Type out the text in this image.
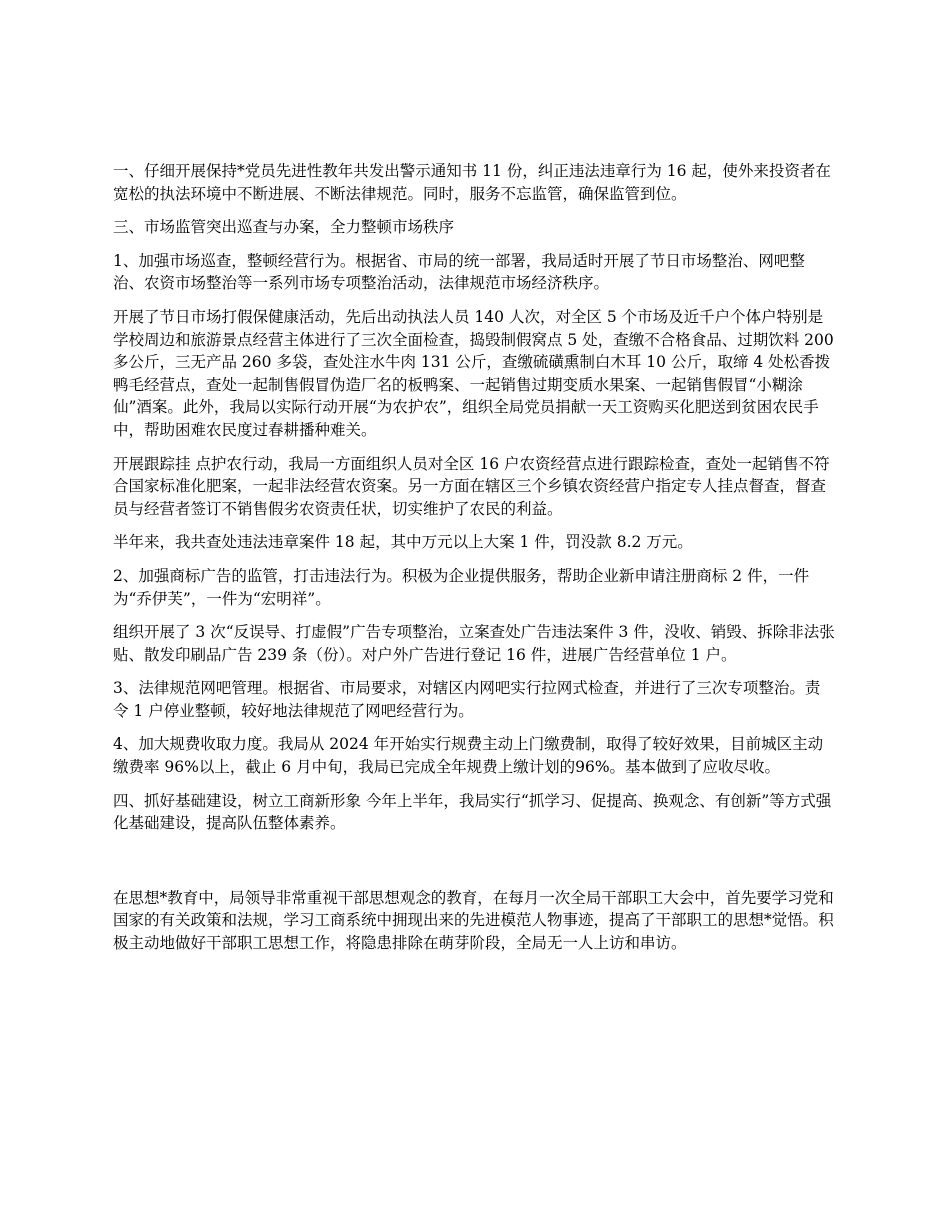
一、仔细开展保持*党员先进性教年共发出警示通知书 11 份，纠正违法违章行为 16 起，使外来投资者在宽松的执法环境中不断进展、不断法律规范。同时，服务不忘监管，确保监管到位。

三、市场监管突出巡查与办案，全力整顿市场秩序

1、加强市场巡查，整顿经营行为。根据省、市局的统一部署，我局适时开展了节日市场整治、网吧整治、农资市场整治等一系列市场专项整治活动，法律规范市场经济秩序。

开展了节日市场打假保健康活动，先后出动执法人员 140 人次，对全区 5 个市场及近千户个体户特别是学校周边和旅游景点经营主体进行了三次全面检查，捣毁制假窝点 5 处，查缴不合格食品、过期饮料 200 多公斤，三无产品 260 多袋，查处注水牛肉 131 公斤，查缴硫磺熏制白木耳 10 公斤，取缔 4 处松香拨鸭毛经营点，查处一起制售假冒伪造厂名的板鸭案、一起销售过期变质水果案、一起销售假冒“小糊涂仙”酒案。此外，我局以实际行动开展“为农护农”，组织全局党员捐献一天工资购买化肥送到贫困农民手中，帮助困难农民度过春耕播种难关。

开展跟踪挂 点护农行动，我局一方面组织人员对全区 16 户农资经营点进行跟踪检查，查处一起销售不符合国家标准化肥案，一起非法经营农资案。另一方面在辖区三个乡镇农资经营户指定专人挂点督查，督查员与经营者签订不销售假劣农资责任状，切实维护了农民的利益。

半年来，我共查处违法违章案件 18 起，其中万元以上大案 1 件，罚没款 8.2 万元。

2、加强商标广告的监管，打击违法行为。积极为企业提供服务，帮助企业新申请注册商标 2 件，一件为“乔伊芙”，一件为“宏明祥”。

组织开展了 3 次“反误导、打虚假”广告专项整治，立案查处广告违法案件 3 件，没收、销毁、拆除非法张贴、散发印刷品广告 239 条（份）。对户外广告进行登记 16 件，进展广告经营单位 1 户。

3、法律规范网吧管理。根据省、市局要求，对辖区内网吧实行拉网式检查，并进行了三次专项整治。责令 1 户停业整顿，较好地法律规范了网吧经营行为。

4、加大规费收取力度。我局从 2024 年开始实行规费主动上门缴费制，取得了较好效果，目前城区主动缴费率 96%以上，截止 6 月中旬，我局已完成全年规费上缴计划的96%。基本做到了应收尽收。

四、抓好基础建设，树立工商新形象 今年上半年，我局实行“抓学习、促提高、换观念、有创新”等方式强化基础建设，提高队伍整体素养。

在思想*教育中，局领导非常重视干部思想观念的教育，在每月一次全局干部职工大会中，首先要学习党和国家的有关政策和法规，学习工商系统中拥现出来的先进模范人物事迹，提高了干部职工的思想*觉悟。积极主动地做好干部职工思想工作，将隐患排除在萌芽阶段，全局无一人上访和串访。
